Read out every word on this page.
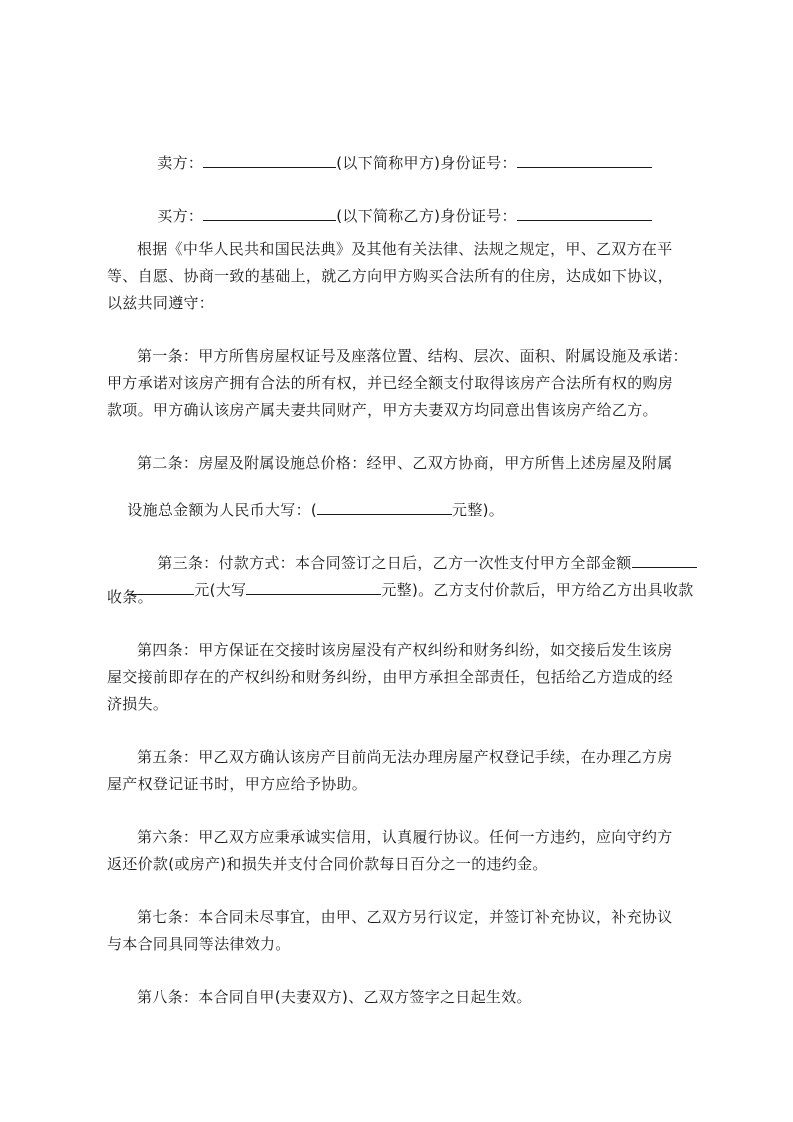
卖方：	(以下简称甲方)身份证号：

买方：	(以下简称乙方)身份证号：

根据《中华人民共和国民法典》及其他有关法律、法规之规定，甲、乙双方在平
等、自愿、协商一致的基础上，就乙方向甲方购买合法所有的住房，达成如下协议，
以兹共同遵守：
第一条：甲方所售房屋权证号及座落位置、结构、层次、面积、附属设施及承诺：
甲方承诺对该房产拥有合法的所有权，并已经全额支付取得该房产合法所有权的购房
款项。甲方确认该房产属夫妻共同财产，甲方夫妻双方均同意出售该房产给乙方。
第二条：房屋及附属设施总价格：经甲、乙双方协商，甲方所售上述房屋及附属

设施总金额为人民币大写：(	元整)。

第三条：付款方式：本合同签订之日后，乙方一次性支付甲方全部金额

元(大写	元整)。乙方支付价款后，甲方给乙方出具收款

收条。
第四条：甲方保证在交接时该房屋没有产权纠纷和财务纠纷，如交接后发生该房
屋交接前即存在的产权纠纷和财务纠纷，由甲方承担全部责任，包括给乙方造成的经
济损失。
第五条：甲乙双方确认该房产目前尚无法办理房屋产权登记手续，在办理乙方房
屋产权登记证书时，甲方应给予协助。
第六条：甲乙双方应秉承诚实信用，认真履行协议。任何一方违约，应向守约方
返还价款(或房产)和损失并支付合同价款每日百分之一的违约金。
第七条：本合同未尽事宜，由甲、乙双方另行议定，并签订补充协议，补充协议
与本合同具同等法律效力。
第八条：本合同自甲(夫妻双方)、乙双方签字之日起生效。
